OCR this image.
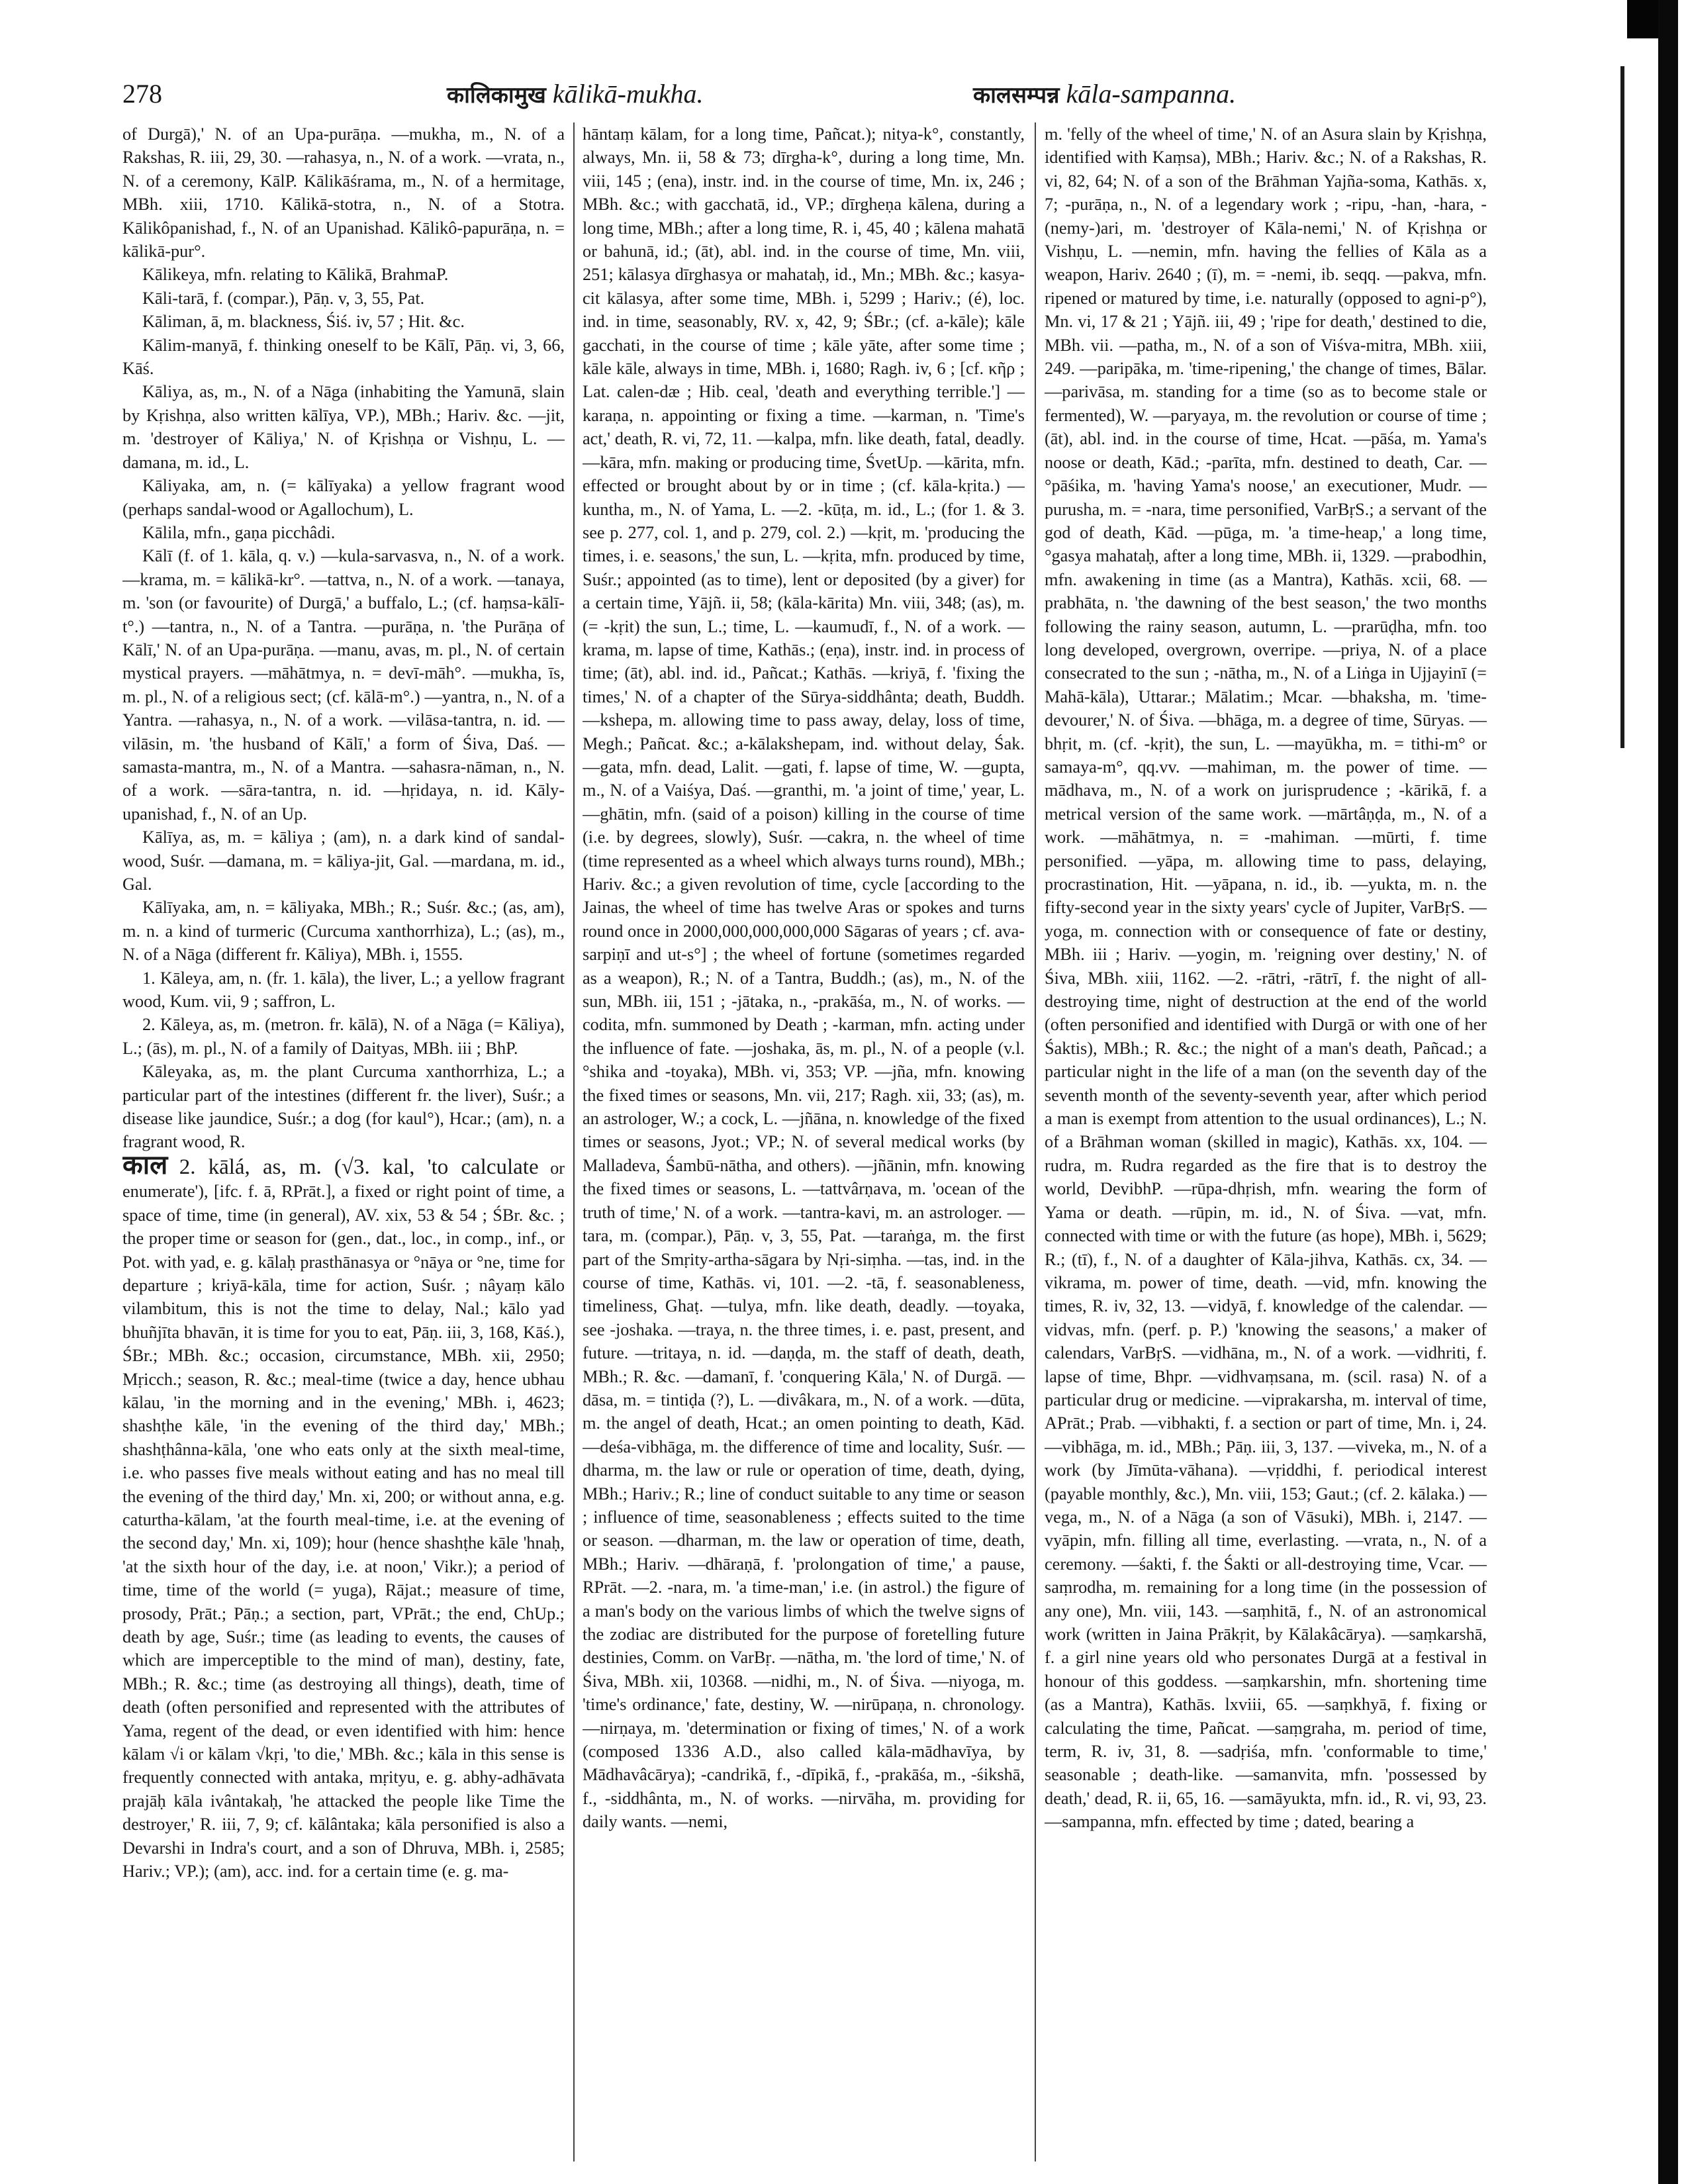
278	कालिकामुख kālikā-mukha.	कालसम्पन्न kāla-sampanna.

of Durgā),' N. of an Upa-purāṇa. —mukha, m., N. of a Rakshas, R. iii, 29, 30. —rahasya, n., N. of a work. —vrata, n., N. of a ceremony, KālP. Kālikāśrama, m., N. of a hermitage, MBh. xiii, 1710. Kālikā-stotra, n., N. of a Stotra. Kālikôpanishad, f., N. of an Upanishad. Kālikô-papurāṇa, n. = kālikā-pur°.

Kālikeya, mfn. relating to Kālikā, BrahmaP.

Kāli-tarā, f. (compar.), Pāṇ. v, 3, 55, Pat.

Kāliman, ā, m. blackness, Śiś. iv, 57 ; Hit. &c.

Kālim-manyā, f. thinking oneself to be Kālī, Pāṇ. vi, 3, 66, Kāś.

Kāliya, as, m., N. of a Nāga (inhabiting the Yamunā, slain by Kṛishṇa, also written kālīya, VP.), MBh.; Hariv. &c. —jit, m. 'destroyer of Kāliya,' N. of Kṛishṇa or Vishṇu, L. —damana, m. id., L.

Kāliyaka, am, n. (= kālīyaka) a yellow fragrant wood (perhaps sandal-wood or Agallochum), L.

Kālila, mfn., gaṇa picchâdi.

Kālī (f. of 1. kāla, q. v.) —kula-sarvasva, n., N. of a work. —krama, m. = kālikā-kr°. —tattva, n., N. of a work. —tanaya, m. 'son (or favourite) of Durgā,' a buffalo, L.; (cf. haṃsa-kālī-t°.) —tantra, n., N. of a Tantra. —purāṇa, n. 'the Purāṇa of Kālī,' N. of an Upa-purāṇa. —manu, avas, m. pl., N. of certain mystical prayers. —māhātmya, n. = devī-māh°. —mukha, īs, m. pl., N. of a religious sect; (cf. kālā-m°.) —yantra, n., N. of a Yantra. —rahasya, n., N. of a work. —vilāsa-tantra, n. id. —vilāsin, m. 'the husband of Kālī,' a form of Śiva, Daś. —samasta-mantra, m., N. of a Mantra. —sahasra-nāman, n., N. of a work. —sāra-tantra, n. id. —hṛidaya, n. id. Kāly-upanishad, f., N. of an Up.

Kālīya, as, m. = kāliya ; (am), n. a dark kind of sandal-wood, Suśr. —damana, m. = kāliya-jit, Gal. —mardana, m. id., Gal.

Kālīyaka, am, n. = kāliyaka, MBh.; R.; Suśr. &c.; (as, am), m. n. a kind of turmeric (Curcuma xanthorrhiza), L.; (as), m., N. of a Nāga (different fr. Kāliya), MBh. i, 1555.

1. Kāleya, am, n. (fr. 1. kāla), the liver, L.; a yellow fragrant wood, Kum. vii, 9 ; saffron, L.

2. Kāleya, as, m. (metron. fr. kālā), N. of a Nāga (= Kāliya), L.; (ās), m. pl., N. of a family of Daityas, MBh. iii ; BhP.

Kāleyaka, as, m. the plant Curcuma xanthorrhiza, L.; a particular part of the intestines (different fr. the liver), Suśr.; a disease like jaundice, Suśr.; a dog (for kaul°), Hcar.; (am), n. a fragrant wood, R.

काल 2. kālá, as, m. (√3. kal, 'to calculate or enumerate'), [ifc. f. ā, RPrāt.], a fixed or right point of time, a space of time, time (in general), AV. xix, 53 & 54 ; ŚBr. &c. ; the proper time or season for (gen., dat., loc., in comp., inf., or Pot. with yad, e. g. kālaḥ prasthānasya or °nāya or °ne, time for departure ; kriyā-kāla, time for action, Suśr. ; nâyaṃ kālo vilambitum, this is not the time to delay, Nal.; kālo yad bhuñjīta bhavān, it is time for you to eat, Pāṇ. iii, 3, 168, Kāś.), ŚBr.; MBh. &c.; occasion, circumstance, MBh. xii, 2950; Mṛicch.; season, R. &c.; meal-time (twice a day, hence ubhau kālau, 'in the morning and in the evening,' MBh. i, 4623; shashṭhe kāle, 'in the evening of the third day,' MBh.; shashṭhânna-kāla, 'one who eats only at the sixth meal-time, i.e. who passes five meals without eating and has no meal till the evening of the third day,' Mn. xi, 200; or without anna, e.g. caturtha-kālam, 'at the fourth meal-time, i.e. at the evening of the second day,' Mn. xi, 109); hour (hence shashṭhe kāle 'hnaḥ, 'at the sixth hour of the day, i.e. at noon,' Vikr.); a period of time, time of the world (= yuga), Rājat.; measure of time, prosody, Prāt.; Pāṇ.; a section, part, VPrāt.; the end, ChUp.; death by age, Suśr.; time (as leading to events, the causes of which are imperceptible to the mind of man), destiny, fate, MBh.; R. &c.; time (as destroying all things), death, time of death (often personified and represented with the attributes of Yama, regent of the dead, or even identified with him: hence kālam √i or kālam √kṛi, 'to die,' MBh. &c.; kāla in this sense is frequently connected with antaka, mṛityu, e. g. abhy-adhāvata prajāḥ kāla ivântakaḥ, 'he attacked the people like Time the destroyer,' R. iii, 7, 9; cf. kālântaka; kāla personified is also a Devarshi in Indra's court, and a son of Dhruva, MBh. i, 2585; Hariv.; VP.); (am), acc. ind. for a certain time (e. g. ma-

hāntaṃ kālam, for a long time, Pañcat.); nitya-k°, constantly, always, Mn. ii, 58 & 73; dīrgha-k°, during a long time, Mn. viii, 145 ; (ena), instr. ind. in the course of time, Mn. ix, 246 ; MBh. &c.; with gacchatā, id., VP.; dīrgheṇa kālena, during a long time, MBh.; after a long time, R. i, 45, 40 ; kālena mahatā or bahunā, id.; (āt), abl. ind. in the course of time, Mn. viii, 251; kālasya dīrghasya or mahataḥ, id., Mn.; MBh. &c.; kasya-cit kālasya, after some time, MBh. i, 5299 ; Hariv.; (é), loc. ind. in time, seasonably, RV. x, 42, 9; ŚBr.; (cf. a-kāle); kāle gacchati, in the course of time ; kāle yāte, after some time ; kāle kāle, always in time, MBh. i, 1680; Ragh. iv, 6 ; [cf. κῆρ ; Lat. calen-dæ ; Hib. ceal, 'death and everything terrible.'] —karaṇa, n. appointing or fixing a time. —karman, n. 'Time's act,' death, R. vi, 72, 11. —kalpa, mfn. like death, fatal, deadly. —kāra, mfn. making or producing time, ŚvetUp. —kārita, mfn. effected or brought about by or in time ; (cf. kāla-kṛita.) —kuntha, m., N. of Yama, L. —2. -kūṭa, m. id., L.; (for 1. & 3. see p. 277, col. 1, and p. 279, col. 2.) —kṛit, m. 'producing the times, i. e. seasons,' the sun, L. —kṛita, mfn. produced by time, Suśr.; appointed (as to time), lent or deposited (by a giver) for a certain time, Yājñ. ii, 58; (kāla-kārita) Mn. viii, 348; (as), m. (= -kṛit) the sun, L.; time, L. —kaumudī, f., N. of a work. —krama, m. lapse of time, Kathās.; (eṇa), instr. ind. in process of time; (āt), abl. ind. id., Pañcat.; Kathās. —kriyā, f. 'fixing the times,' N. of a chapter of the Sūrya-siddhânta; death, Buddh. —kshepa, m. allowing time to pass away, delay, loss of time, Megh.; Pañcat. &c.; a-kālakshepam, ind. without delay, Śak. —gata, mfn. dead, Lalit. —gati, f. lapse of time, W. —gupta, m., N. of a Vaiśya, Daś. —granthi, m. 'a joint of time,' year, L. —ghātin, mfn. (said of a poison) killing in the course of time (i.e. by degrees, slowly), Suśr. —cakra, n. the wheel of time (time represented as a wheel which always turns round), MBh.; Hariv. &c.; a given revolution of time, cycle [according to the Jainas, the wheel of time has twelve Aras or spokes and turns round once in 2000,000,000,000,000 Sāgaras of years ; cf. ava-sarpiṇī and ut-s°] ; the wheel of fortune (sometimes regarded as a weapon), R.; N. of a Tantra, Buddh.; (as), m., N. of the sun, MBh. iii, 151 ; -jātaka, n., -prakāśa, m., N. of works. —codita, mfn. summoned by Death ; -karman, mfn. acting under the influence of fate. —joshaka, ās, m. pl., N. of a people (v.l. °shika and -toyaka), MBh. vi, 353; VP. —jña, mfn. knowing the fixed times or seasons, Mn. vii, 217; Ragh. xii, 33; (as), m. an astrologer, W.; a cock, L. —jñāna, n. knowledge of the fixed times or seasons, Jyot.; VP.; N. of several medical works (by Malladeva, Śambū-nātha, and others). —jñānin, mfn. knowing the fixed times or seasons, L. —tattvârṇava, m. 'ocean of the truth of time,' N. of a work. —tantra-kavi, m. an astrologer. —tara, m. (compar.), Pāṇ. v, 3, 55, Pat. —taraṅga, m. the first part of the Smṛity-artha-sāgara by Nṛi-siṃha. —tas, ind. in the course of time, Kathās. vi, 101. —2. -tā, f. seasonableness, timeliness, Ghaṭ. —tulya, mfn. like death, deadly. —toyaka, see -joshaka. —traya, n. the three times, i. e. past, present, and future. —tritaya, n. id. —daṇḍa, m. the staff of death, death, MBh.; R. &c. —damanī, f. 'conquering Kāla,' N. of Durgā. —dāsa, m. = tintiḍa (?), L. —divâkara, m., N. of a work. —dūta, m. the angel of death, Hcat.; an omen pointing to death, Kād. —deśa-vibhāga, m. the difference of time and locality, Suśr. —dharma, m. the law or rule or operation of time, death, dying, MBh.; Hariv.; R.; line of conduct suitable to any time or season ; influence of time, seasonableness ; effects suited to the time or season. —dharman, m. the law or operation of time, death, MBh.; Hariv. —dhāraṇā, f. 'prolongation of time,' a pause, RPrāt. —2. -nara, m. 'a time-man,' i.e. (in astrol.) the figure of a man's body on the various limbs of which the twelve signs of the zodiac are distributed for the purpose of foretelling future destinies, Comm. on VarBṛ. —nātha, m. 'the lord of time,' N. of Śiva, MBh. xii, 10368. —nidhi, m., N. of Śiva. —niyoga, m. 'time's ordinance,' fate, destiny, W. —nirūpaṇa, n. chronology. —nirṇaya, m. 'determination or fixing of times,' N. of a work (composed 1336 A.D., also called kāla-mādhavīya, by Mādhavâcārya); -candrikā, f., -dīpikā, f., -prakāśa, m., -śikshā, f., -siddhânta, m., N. of works. —nirvāha, m. providing for daily wants. —nemi,

m. 'felly of the wheel of time,' N. of an Asura slain by Kṛishṇa, identified with Kaṃsa), MBh.; Hariv. &c.; N. of a Rakshas, R. vi, 82, 64; N. of a son of the Brāhman Yajña-soma, Kathās. x, 7; -purāṇa, n., N. of a legendary work ; -ripu, -han, -hara, -(nemy-)ari, m. 'destroyer of Kāla-nemi,' N. of Kṛishṇa or Vishṇu, L. —nemin, mfn. having the fellies of Kāla as a weapon, Hariv. 2640 ; (ī), m. = -nemi, ib. seqq. —pakva, mfn. ripened or matured by time, i.e. naturally (opposed to agni-p°), Mn. vi, 17 & 21 ; Yājñ. iii, 49 ; 'ripe for death,' destined to die, MBh. vii. —patha, m., N. of a son of Viśva-mitra, MBh. xiii, 249. —paripāka, m. 'time-ripening,' the change of times, Bālar. —parivāsa, m. standing for a time (so as to become stale or fermented), W. —paryaya, m. the revolution or course of time ; (āt), abl. ind. in the course of time, Hcat. —pāśa, m. Yama's noose or death, Kād.; -parīta, mfn. destined to death, Car. —°pāśika, m. 'having Yama's noose,' an executioner, Mudr. —purusha, m. = -nara, time personified, VarBṛS.; a servant of the god of death, Kād. —pūga, m. 'a time-heap,' a long time, °gasya mahataḥ, after a long time, MBh. ii, 1329. —prabodhin, mfn. awakening in time (as a Mantra), Kathās. xcii, 68. —prabhāta, n. 'the dawning of the best season,' the two months following the rainy season, autumn, L. —prarūḍha, mfn. too long developed, overgrown, overripe. —priya, N. of a place consecrated to the sun ; -nātha, m., N. of a Liṅga in Ujjayinī (= Mahā-kāla), Uttarar.; Mālatim.; Mcar. —bhaksha, m. 'time-devourer,' N. of Śiva. —bhāga, m. a degree of time, Sūryas. —bhṛit, m. (cf. -kṛit), the sun, L. —mayūkha, m. = tithi-m° or samaya-m°, qq.vv. —mahiman, m. the power of time. —mādhava, m., N. of a work on jurisprudence ; -kārikā, f. a metrical version of the same work. —mārtâṇḍa, m., N. of a work. —māhātmya, n. = -mahiman. —mūrti, f. time personified. —yāpa, m. allowing time to pass, delaying, procrastination, Hit. —yāpana, n. id., ib. —yukta, m. n. the fifty-second year in the sixty years' cycle of Jupiter, VarBṛS. —yoga, m. connection with or consequence of fate or destiny, MBh. iii ; Hariv. —yogin, m. 'reigning over destiny,' N. of Śiva, MBh. xiii, 1162. —2. -rātri, -rātrī, f. the night of all-destroying time, night of destruction at the end of the world (often personified and identified with Durgā or with one of her Śaktis), MBh.; R. &c.; the night of a man's death, Pañcad.; a particular night in the life of a man (on the seventh day of the seventh month of the seventy-seventh year, after which period a man is exempt from attention to the usual ordinances), L.; N. of a Brāhman woman (skilled in magic), Kathās. xx, 104. —rudra, m. Rudra regarded as the fire that is to destroy the world, DevibhP. —rūpa-dhṛish, mfn. wearing the form of Yama or death. —rūpin, m. id., N. of Śiva. —vat, mfn. connected with time or with the future (as hope), MBh. i, 5629; R.; (tī), f., N. of a daughter of Kāla-jihva, Kathās. cx, 34. —vikrama, m. power of time, death. —vid, mfn. knowing the times, R. iv, 32, 13. —vidyā, f. knowledge of the calendar. —vidvas, mfn. (perf. p. P.) 'knowing the seasons,' a maker of calendars, VarBṛS. —vidhāna, m., N. of a work. —vidhriti, f. lapse of time, Bhpr. —vidhvaṃsana, m. (scil. rasa) N. of a particular drug or medicine. —viprakarsha, m. interval of time, APrāt.; Prab. —vibhakti, f. a section or part of time, Mn. i, 24. —vibhāga, m. id., MBh.; Pāṇ. iii, 3, 137. —viveka, m., N. of a work (by Jīmūta-vāhana). —vṛiddhi, f. periodical interest (payable monthly, &c.), Mn. viii, 153; Gaut.; (cf. 2. kālaka.) —vega, m., N. of a Nāga (a son of Vāsuki), MBh. i, 2147. —vyāpin, mfn. filling all time, everlasting. —vrata, n., N. of a ceremony. —śakti, f. the Śakti or all-destroying time, Vcar. —saṃrodha, m. remaining for a long time (in the possession of any one), Mn. viii, 143. —saṃhitā, f., N. of an astronomical work (written in Jaina Prākṛit, by Kālakâcārya). —saṃkarshā, f. a girl nine years old who personates Durgā at a festival in honour of this goddess. —saṃkarshin, mfn. shortening time (as a Mantra), Kathās. lxviii, 65. —saṃkhyā, f. fixing or calculating the time, Pañcat. —saṃgraha, m. period of time, term, R. iv, 31, 8. —sadṛiśa, mfn. 'conformable to time,' seasonable ; death-like. —samanvita, mfn. 'possessed by death,' dead, R. ii, 65, 16. —samāyukta, mfn. id., R. vi, 93, 23. —sampanna, mfn. effected by time ; dated, bearing a
